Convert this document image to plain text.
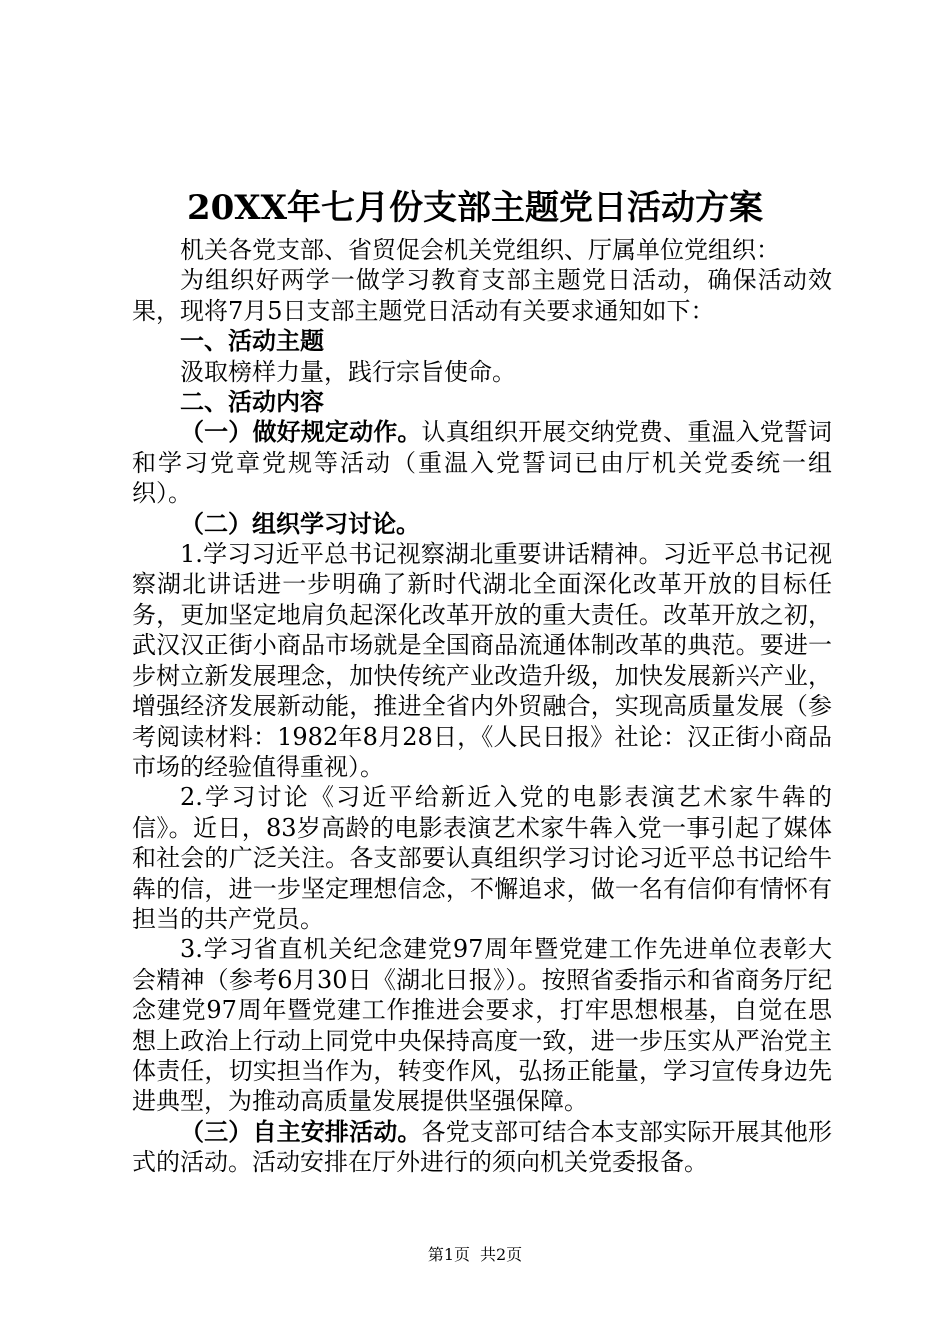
20XX年七月份支部主题党日活动方案

机关各党支部、省贸促会机关党组织、厅属单位党组织：

为组织好两学一做学习教育支部主题党日活动，确保活动效果，现将7月5日支部主题党日活动有关要求通知如下：

一、活动主题

汲取榜样力量，践行宗旨使命。

二、活动内容

（一）做好规定动作。认真组织开展交纳党费、重温入党誓词和学习党章党规等活动（重温入党誓词已由厅机关党委统一组织）。

（二）组织学习讨论。

1.学习习近平总书记视察湖北重要讲话精神。习近平总书记视察湖北讲话进一步明确了新时代湖北全面深化改革开放的目标任务，更加坚定地肩负起深化改革开放的重大责任。改革开放之初，武汉汉正街小商品市场就是全国商品流通体制改革的典范。要进一步树立新发展理念，加快传统产业改造升级，加快发展新兴产业，增强经济发展新动能，推进全省内外贸融合，实现高质量发展（参考阅读材料：1982年8月28日，《人民日报》社论：汉正街小商品市场的经验值得重视）。

2.学习讨论《习近平给新近入党的电影表演艺术家牛犇的信》。近日，83岁高龄的电影表演艺术家牛犇入党一事引起了媒体和社会的广泛关注。各支部要认真组织学习讨论习近平总书记给牛犇的信，进一步坚定理想信念，不懈追求，做一名有信仰有情怀有担当的共产党员。

3.学习省直机关纪念建党97周年暨党建工作先进单位表彰大会精神（参考6月30日《湖北日报》）。按照省委指示和省商务厅纪念建党97周年暨党建工作推进会要求，打牢思想根基，自觉在思想上政治上行动上同党中央保持高度一致，进一步压实从严治党主体责任，切实担当作为，转变作风，弘扬正能量，学习宣传身边先进典型，为推动高质量发展提供坚强保障。

（三）自主安排活动。各党支部可结合本支部实际开展其他形式的活动。活动安排在厅外进行的须向机关党委报备。

第1页 共2页
